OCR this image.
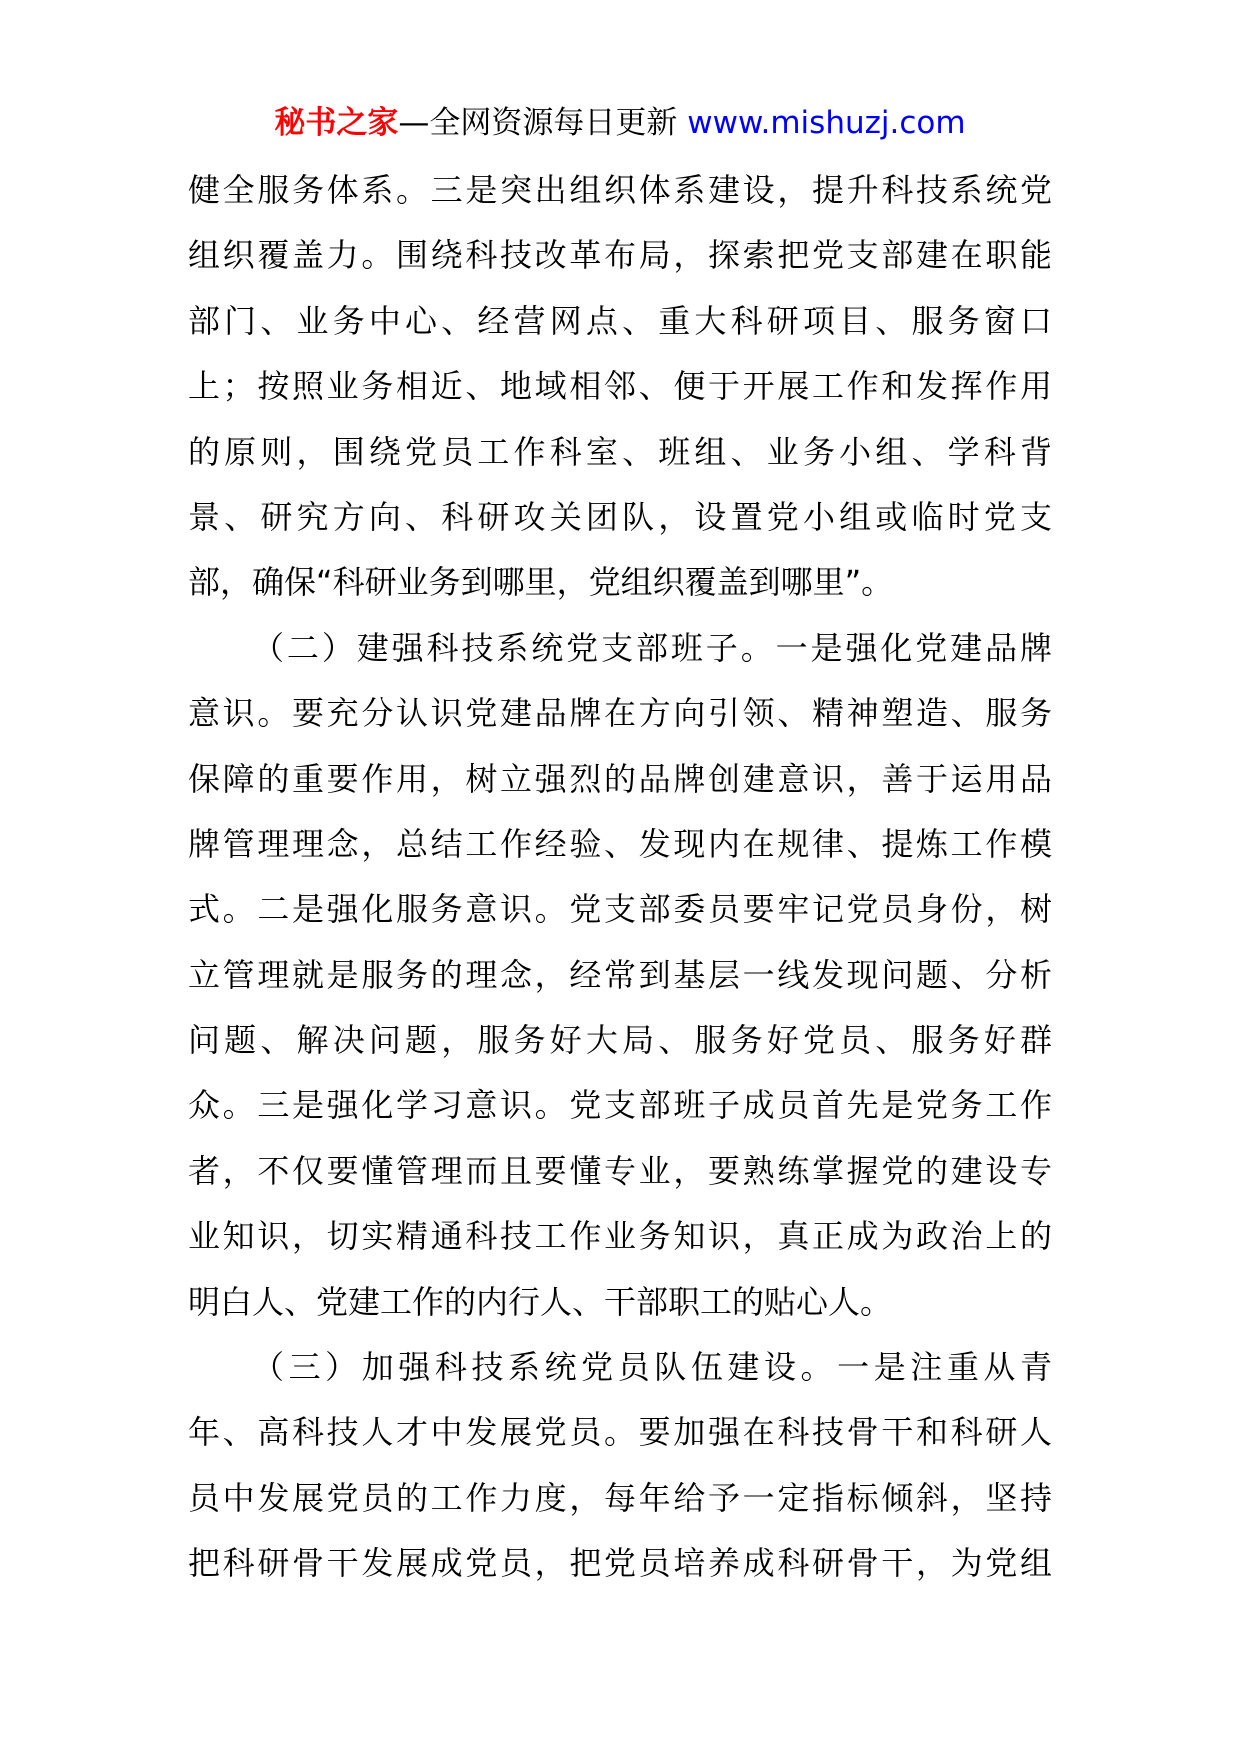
秘书之家—全网资源每日更新 www.mishuzj.com
健全服务体系。三是突出组织体系建设，提升科技系统党
组织覆盖力。围绕科技改革布局，探索把党支部建在职能
部门、业务中心、经营网点、重大科研项目、服务窗口
上；按照业务相近、地域相邻、便于开展工作和发挥作用
的原则，围绕党员工作科室、班组、业务小组、学科背
景、研究方向、科研攻关团队，设置党小组或临时党支
部，确保“科研业务到哪里，党组织覆盖到哪里”。
（二）建强科技系统党支部班子。一是强化党建品牌
意识。要充分认识党建品牌在方向引领、精神塑造、服务
保障的重要作用，树立强烈的品牌创建意识，善于运用品
牌管理理念，总结工作经验、发现内在规律、提炼工作模
式。二是强化服务意识。党支部委员要牢记党员身份，树
立管理就是服务的理念，经常到基层一线发现问题、分析
问题、解决问题，服务好大局、服务好党员、服务好群
众。三是强化学习意识。党支部班子成员首先是党务工作
者，不仅要懂管理而且要懂专业，要熟练掌握党的建设专
业知识，切实精通科技工作业务知识，真正成为政治上的
明白人、党建工作的内行人、干部职工的贴心人。
（三）加强科技系统党员队伍建设。一是注重从青
年、高科技人才中发展党员。要加强在科技骨干和科研人
员中发展党员的工作力度，每年给予一定指标倾斜，坚持
把科研骨干发展成党员，把党员培养成科研骨干，为党组
